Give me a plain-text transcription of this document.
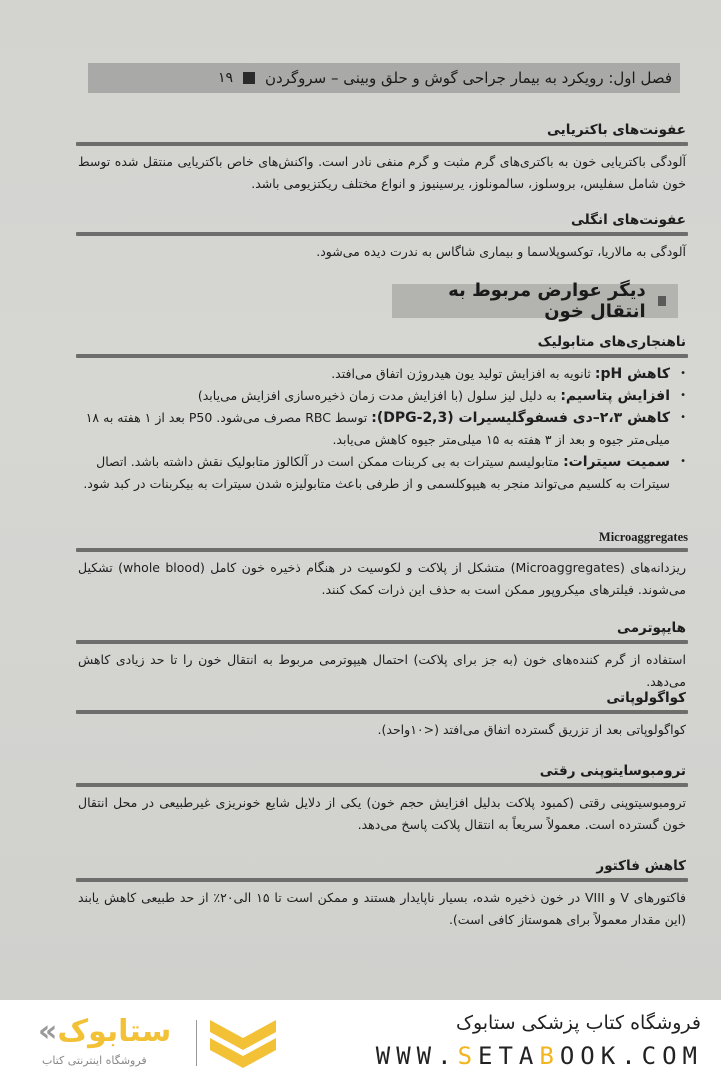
فصل اول: رویکرد به بیمار جراحی گوش و حلق وبینی – سروگردن
۱۹
عفونت‌های باکتریایی

آلودگی باکتریایی خون به باکتری‌های گرم مثبت و گرم منفی نادر است. واکنش‌های خاص باکتریایی منتقل شده توسط خون شامل سفلیس، بروسلوز، سالمونلوز، یرسینیوز و انواع مختلف ریکتزیومی باشد.

عفونت‌های انگلی

آلودگی به مالاریا، توکسوپلاسما و بیماری شاگاس به ندرت دیده می‌شود.

دیگر عوارض مربوط به انتقال خون
ناهنجاری‌های متابولیک
• کاهش pH: ثانویه به افزایش تولید یون هیدروژن اتفاق می‌افتد.
• افزایش پتاسیم: به دلیل لیز سلول (با افزایش مدت زمان ذخیره‌سازی افزایش می‌یابد)
• کاهش ۲،۳–دی فسفوگلیسیرات (2,3-DPG): توسط RBC مصرف می‌شود. P50 بعد از ۱ هفته به ۱۸ میلی‌متر جیوه و بعد از ۳ هفته به ۱۵ میلی‌متر جیوه کاهش می‌یابد.
• سمیت سیترات: متابولیسم سیترات به بی کربنات ممکن است در آلکالوز متابولیک نقش داشته باشد. اتصال سیترات به کلسیم می‌تواند منجر به هیپوکلسمی و از طرفی باعث متابولیزه شدن سیترات به بیکربنات در کبد شود.
Microaggregates

ریزدانه‌های (Microaggregates) متشکل از پلاکت و لکوسیت در هنگام ذخیره خون کامل (whole blood) تشکیل می‌شوند. فیلترهای میکروپور ممکن است به حذف این ذرات کمک کنند.

هایپوترمی

استفاده از گرم کننده‌های خون (به جز برای پلاکت) احتمال هیپوترمی مربوط به انتقال خون را تا حد زیادی کاهش می‌دهد.

کواگولوپاتی

کواگولوپاتی بعد از تزریق گسترده اتفاق می‌افتد (<۱۰واحد).

ترومبوسایتوپنی رقتی

ترومبوسیتوپنی رقتی (کمبود پلاکت بدلیل افزایش حجم خون) یکی از دلایل شایع خونریزی غیرطبیعی در محل انتقال خون گسترده است. معمولاً سریعاً به انتقال پلاکت پاسخ می‌دهد.

کاهش فاکتور

فاکتورهای V و VIII در خون ذخیره شده، بسیار ناپایدار هستند و ممکن است تا ۱۵ الی۲۰٪ از حد طبیعی کاهش یابند (این مقدار معمولاً برای هموستاز کافی است).

فروشگاه کتاب پزشکی ستابوک
WWW.SETABOOK.COM
«ستابوک
فروشگاه اینترنتی کتاب
